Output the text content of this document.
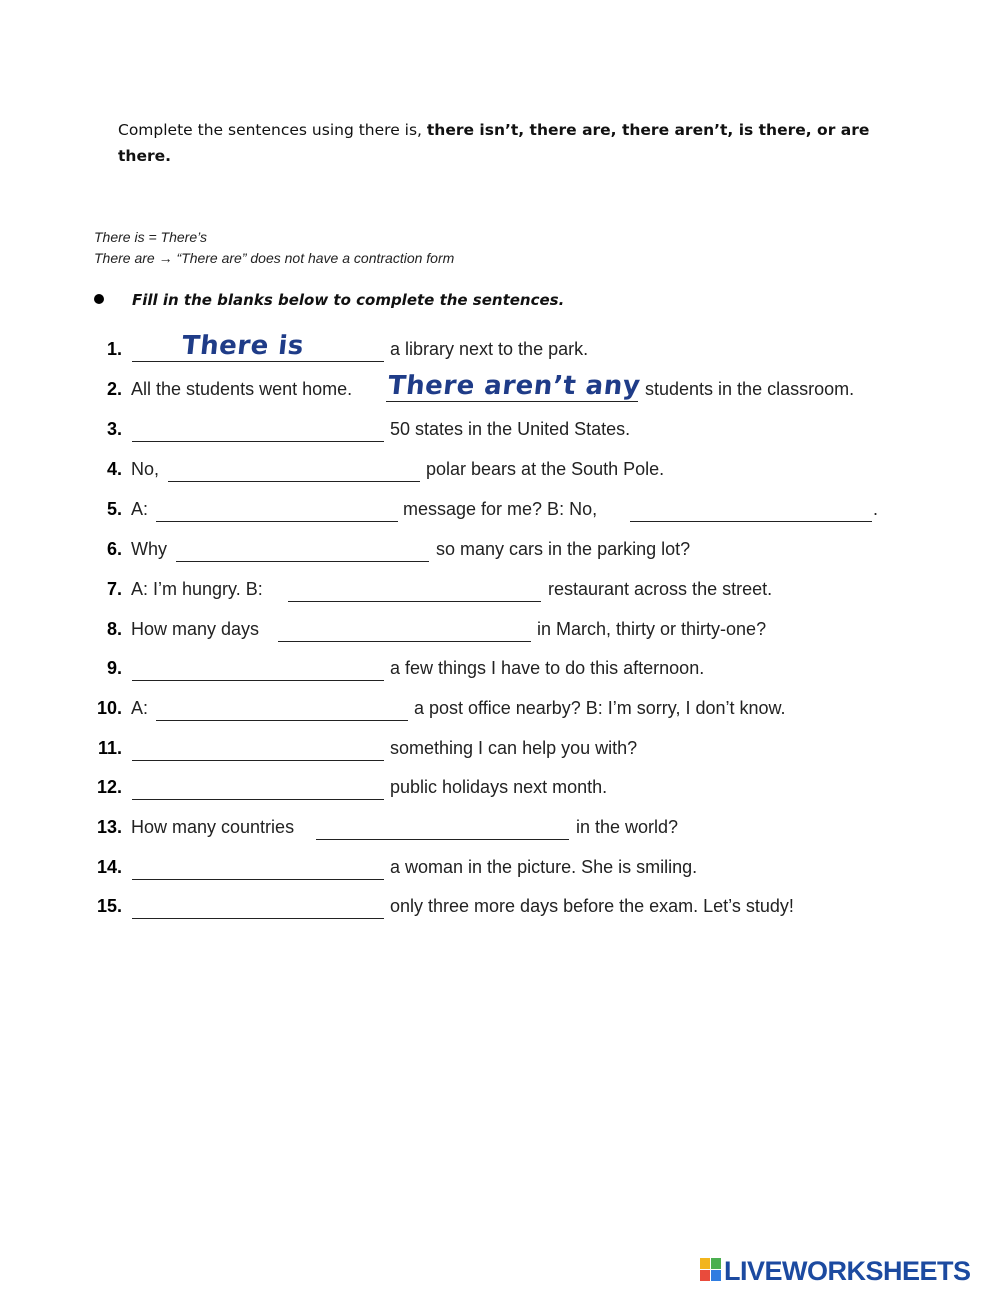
Complete the sentences using there is, there isn’t, there are, there aren’t, is there, or are there.
There is = There’s
There are → “There are” does not have a contraction form
Fill in the blanks below to complete the sentences.
1. There is	a library next to the park.
2. All the students went home. There aren’t any students in the classroom.
3.	50 states in the United States.
4. No,	polar bears at the South Pole.
5. A:	message for me? B: No,	.
6. Why	so many cars in the parking lot?
7. A: I’m hungry. B:	restaurant across the street.
8. How many days	in March, thirty or thirty-one?
9.	a few things I have to do this afternoon.
10. A:	a post office nearby? B: I’m sorry, I don’t know.
11.	something I can help you with?
12.	public holidays next month.
13. How many countries	in the world?
14.	a woman in the picture. She is smiling.
15.	only three more days before the exam. Let’s study!
LIVEWORKSHEETS
